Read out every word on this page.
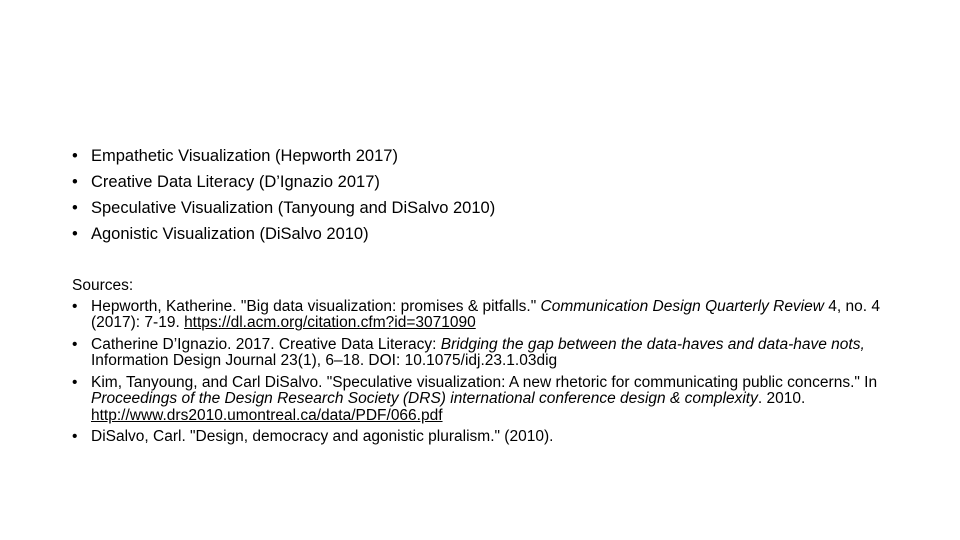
• Empathetic Visualization (Hepworth 2017)
• Creative Data Literacy (D’Ignazio 2017)
• Speculative Visualization (Tanyoung and DiSalvo 2010)
• Agonistic Visualization (DiSalvo 2010)

Sources:

• Hepworth, Katherine. "Big data visualization: promises & pitfalls." Communication Design Quarterly Review 4, no. 4 (2017): 7-19. https://dl.acm.org/citation.cfm?id=3071090
• Catherine D’Ignazio. 2017. Creative Data Literacy: Bridging the gap between the data-haves and data-have nots, Information Design Journal 23(1), 6–18. DOI: 10.1075/idj.23.1.03dig
• Kim, Tanyoung, and Carl DiSalvo. "Speculative visualization: A new rhetoric for communicating public concerns." In Proceedings of the Design Research Society (DRS) international conference design & complexity. 2010. http://www.drs2010.umontreal.ca/data/PDF/066.pdf
• DiSalvo, Carl. "Design, democracy and agonistic pluralism." (2010).
